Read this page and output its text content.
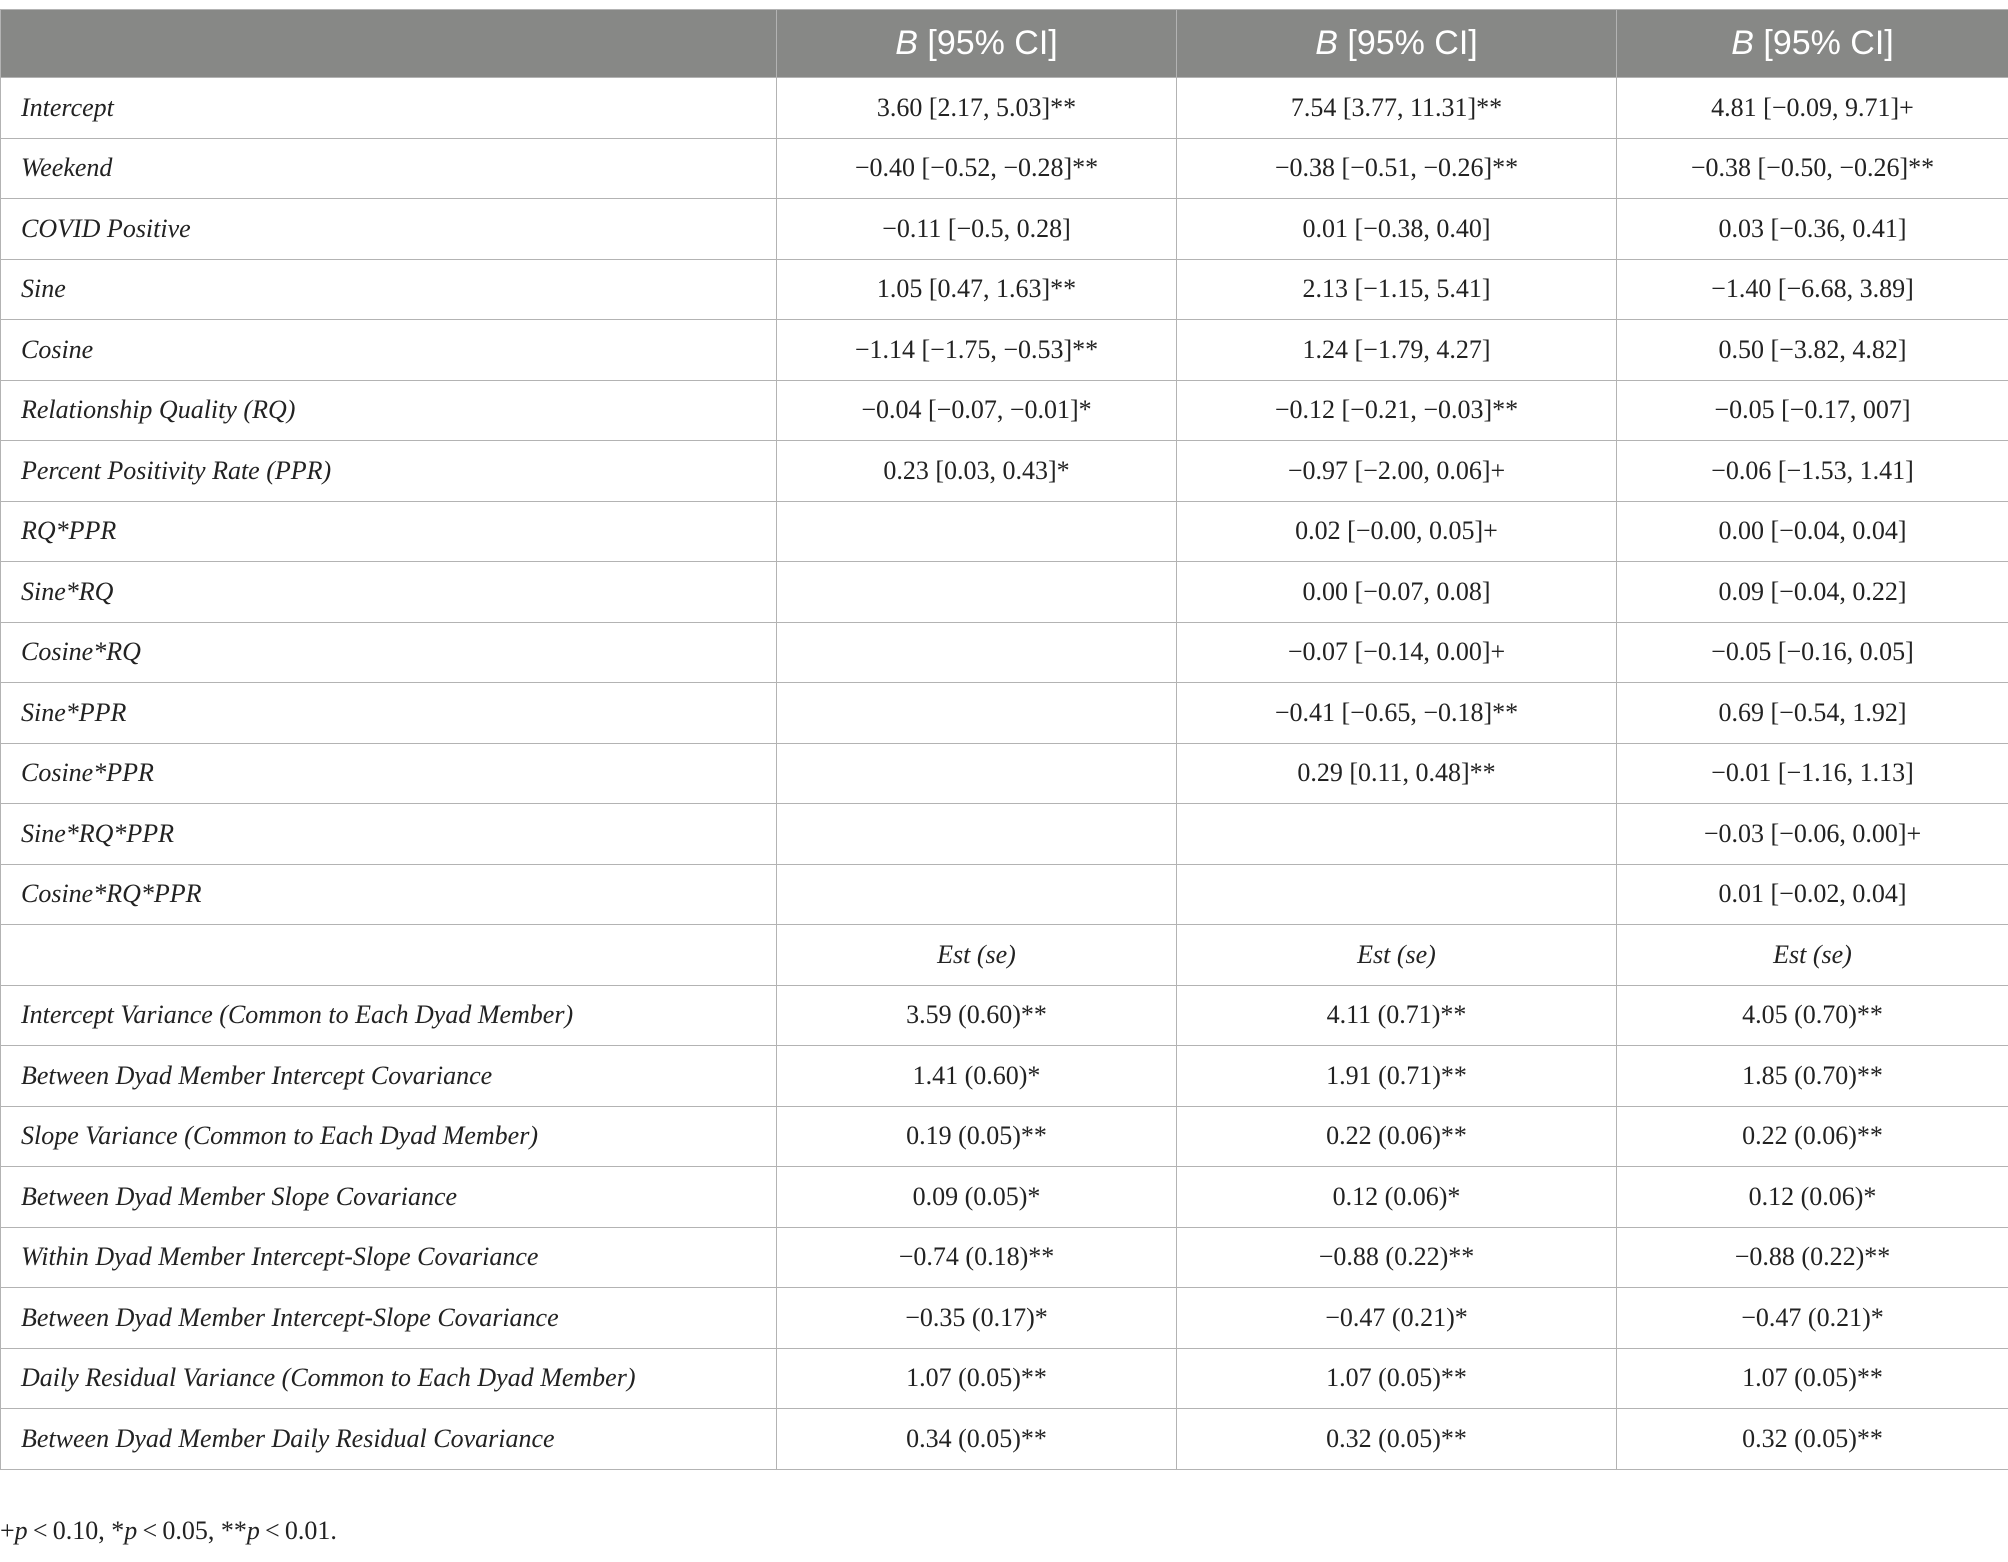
	B [95% CI]	B [95% CI]	B [95% CI]
Intercept	3.60 [2.17, 5.03]**	7.54 [3.77, 11.31]**	4.81 [−0.09, 9.71]+
Weekend	−0.40 [−0.52, −0.28]**	−0.38 [−0.51, −0.26]**	−0.38 [−0.50, −0.26]**
COVID Positive	−0.11 [−0.5, 0.28]	0.01 [−0.38, 0.40]	0.03 [−0.36, 0.41]
Sine	1.05 [0.47, 1.63]**	2.13 [−1.15, 5.41]	−1.40 [−6.68, 3.89]
Cosine	−1.14 [−1.75, −0.53]**	1.24 [−1.79, 4.27]	0.50 [−3.82, 4.82]
Relationship Quality (RQ)	−0.04 [−0.07, −0.01]*	−0.12 [−0.21, −0.03]**	−0.05 [−0.17, 007]
Percent Positivity Rate (PPR)	0.23 [0.03, 0.43]*	−0.97 [−2.00, 0.06]+	−0.06 [−1.53, 1.41]
RQ*PPR		0.02 [−0.00, 0.05]+	0.00 [−0.04, 0.04]
Sine*RQ		0.00 [−0.07, 0.08]	0.09 [−0.04, 0.22]
Cosine*RQ		−0.07 [−0.14, 0.00]+	−0.05 [−0.16, 0.05]
Sine*PPR		−0.41 [−0.65, −0.18]**	0.69 [−0.54, 1.92]
Cosine*PPR		0.29 [0.11, 0.48]**	−0.01 [−1.16, 1.13]
Sine*RQ*PPR			−0.03 [−0.06, 0.00]+
Cosine*RQ*PPR			0.01 [−0.02, 0.04]
	Est (se)	Est (se)	Est (se)
Intercept Variance (Common to Each Dyad Member)	3.59 (0.60)**	4.11 (0.71)**	4.05 (0.70)**
Between Dyad Member Intercept Covariance	1.41 (0.60)*	1.91 (0.71)**	1.85 (0.70)**
Slope Variance (Common to Each Dyad Member)	0.19 (0.05)**	0.22 (0.06)**	0.22 (0.06)**
Between Dyad Member Slope Covariance	0.09 (0.05)*	0.12 (0.06)*	0.12 (0.06)*
Within Dyad Member Intercept-Slope Covariance	−0.74 (0.18)**	−0.88 (0.22)**	−0.88 (0.22)**
Between Dyad Member Intercept-Slope Covariance	−0.35 (0.17)*	−0.47 (0.21)*	−0.47 (0.21)*
Daily Residual Variance (Common to Each Dyad Member)	1.07 (0.05)**	1.07 (0.05)**	1.07 (0.05)**
Between Dyad Member Daily Residual Covariance	0.34 (0.05)**	0.32 (0.05)**	0.32 (0.05)**
+p < 0.10, *p < 0.05, **p < 0.01.
